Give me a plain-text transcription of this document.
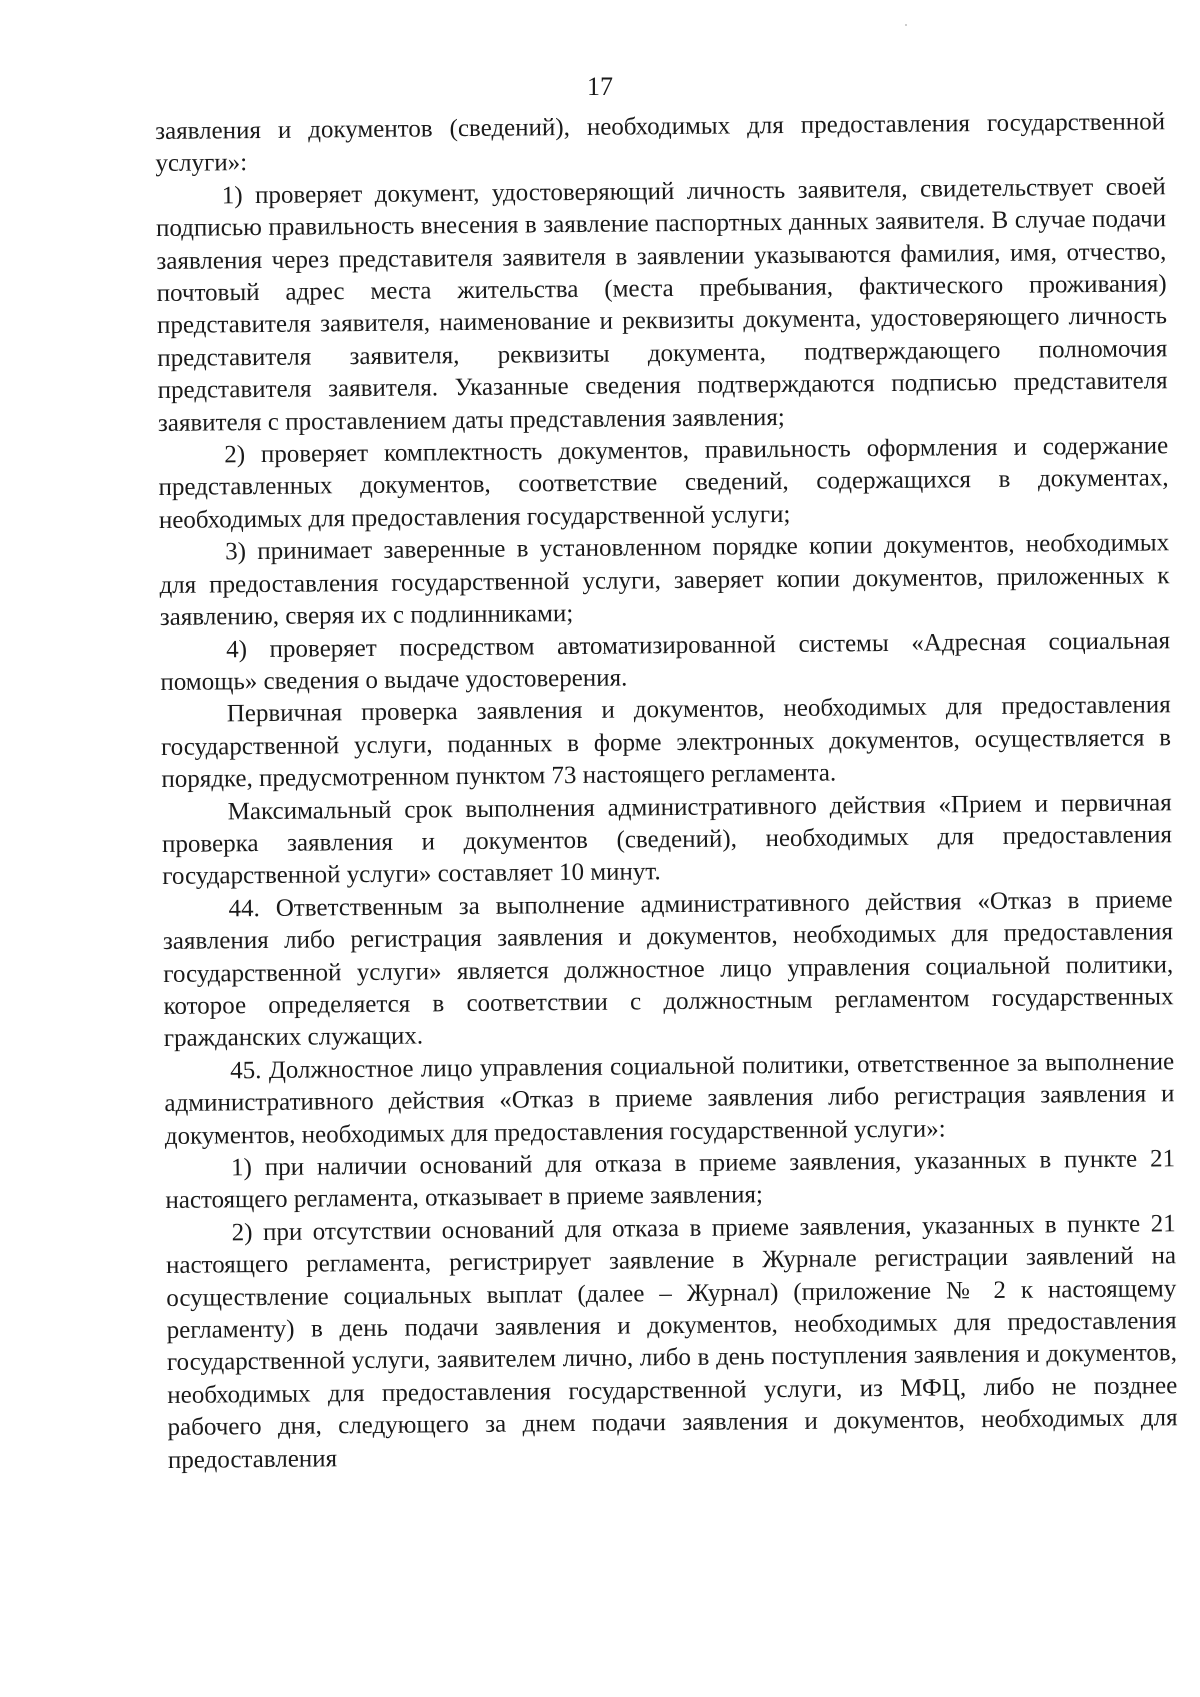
17

заявления и документов (сведений), необходимых для предоставления государственной услуги»:

1) проверяет документ, удостоверяющий личность заявителя, свидетельствует своей подписью правильность внесения в заявление паспортных данных заявителя. В случае подачи заявления через представителя заявителя в заявлении указываются фамилия, имя, отчество, почтовый адрес места жительства (места пребывания, фактического проживания) представителя заявителя, наименование и реквизиты документа, удостоверяющего личность представителя заявителя, реквизиты документа, подтверждающего полномочия представителя заявителя. Указанные сведения подтверждаются подписью представителя заявителя с проставлением даты представления заявления;

2) проверяет комплектность документов, правильность оформления и содержание представленных документов, соответствие сведений, содержащихся в документах, необходимых для предоставления государственной услуги;

3) принимает заверенные в установленном порядке копии документов, необходимых для предоставления государственной услуги, заверяет копии документов, приложенных к заявлению, сверяя их с подлинниками;

4) проверяет посредством автоматизированной системы «Адресная социальная помощь» сведения о выдаче удостоверения.

Первичная проверка заявления и документов, необходимых для предоставления государственной услуги, поданных в форме электронных документов, осуществляется в порядке, предусмотренном пунктом 73 настоящего регламента.

Максимальный срок выполнения административного действия «Прием и первичная проверка заявления и документов (сведений), необходимых для предоставления государственной услуги» составляет 10 минут.

44. Ответственным за выполнение административного действия «Отказ в приеме заявления либо регистрация заявления и документов, необходимых для предоставления государственной услуги» является должностное лицо управления социальной политики, которое определяется в соответствии с должностным регламентом государственных гражданских служащих.

45. Должностное лицо управления социальной политики, ответственное за выполнение административного действия «Отказ в приеме заявления либо регистрация заявления и документов, необходимых для предоставления государственной услуги»:

1) при наличии оснований для отказа в приеме заявления, указанных в пункте 21 настоящего регламента, отказывает в приеме заявления;

2) при отсутствии оснований для отказа в приеме заявления, указанных в пункте 21 настоящего регламента, регистрирует заявление в Журнале регистрации заявлений на осуществление социальных выплат (далее – Журнал) (приложение № 2 к настоящему регламенту) в день подачи заявления и документов, необходимых для предоставления государственной услуги, заявителем лично, либо в день поступления заявления и документов, необходимых для предоставления государственной услуги, из МФЦ, либо не позднее рабочего дня, следующего за днем подачи заявления и документов, необходимых для предоставления
